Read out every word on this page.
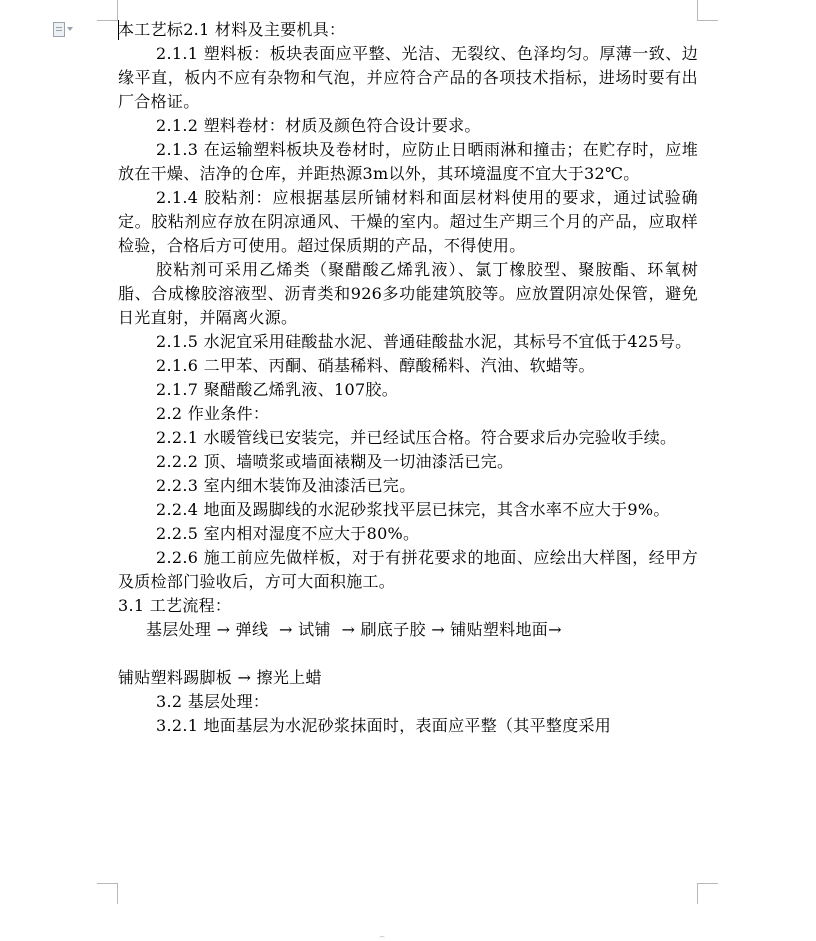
本工艺标2.1 材料及主要机具：

2.1.1 塑料板：板块表面应平整、光洁、无裂纹、色泽均匀。厚薄一致、边缘平直，板内不应有杂物和气泡，并应符合产品的各项技术指标，进场时要有出厂合格证。

2.1.2 塑料卷材：材质及颜色符合设计要求。

2.1.3 在运输塑料板块及卷材时，应防止日晒雨淋和撞击；在贮存时，应堆放在干燥、洁净的仓库，并距热源3m以外，其环境温度不宜大于32℃。

2.1.4 胶粘剂：应根据基层所铺材料和面层材料使用的要求，通过试验确定。胶粘剂应存放在阴凉通风、干燥的室内。超过生产期三个月的产品，应取样检验，合格后方可使用。超过保质期的产品，不得使用。

胶粘剂可采用乙烯类（聚醋酸乙烯乳液）、氯丁橡胶型、聚胺酯、环氧树脂、合成橡胶溶液型、沥青类和926多功能建筑胶等。应放置阴凉处保管，避免日光直射，并隔离火源。

2.1.5 水泥宜采用硅酸盐水泥、普通硅酸盐水泥，其标号不宜低于425号。

2.1.6 二甲苯、丙酮、硝基稀料、醇酸稀料、汽油、软蜡等。

2.1.7 聚醋酸乙烯乳液、107胶。

2.2 作业条件：

2.2.1 水暖管线已安装完，并已经试压合格。符合要求后办完验收手续。

2.2.2 顶、墙喷浆或墙面裱糊及一切油漆活已完。

2.2.3 室内细木装饰及油漆活已完。

2.2.4 地面及踢脚线的水泥砂浆找平层已抹完，其含水率不应大于9%。

2.2.5 室内相对湿度不应大于80%。

2.2.6 施工前应先做样板，对于有拼花要求的地面、应绘出大样图，经甲方及质检部门验收后，方可大面积施工。

3.1 工艺流程：

基层处理 → 弹线  → 试铺  → 刷底子胶 → 铺贴塑料地面→

铺贴塑料踢脚板 → 擦光上蜡

3.2 基层处理：

3.2.1 地面基层为水泥砂浆抹面时，表面应平整（其平整度采用
